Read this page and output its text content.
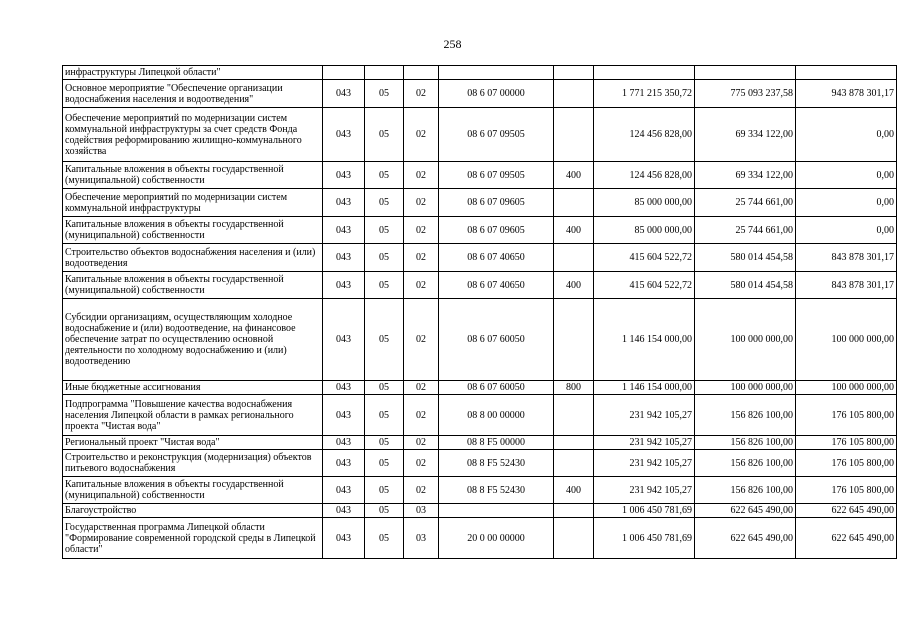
258
инфраструктуры Липецкой области"								
Основное мероприятие "Обеспечение организации водоснабжения населения и водоотведения"	043	05	02	08 6 07 00000		1 771 215 350,72	775 093 237,58	943 878 301,17
Обеспечение мероприятий по модернизации систем коммунальной инфраструктуры за счет средств Фонда содействия реформированию жилищно-коммунального хозяйства	043	05	02	08 6 07 09505		124 456 828,00	69 334 122,00	0,00
Капитальные вложения в объекты государственной (муниципальной) собственности	043	05	02	08 6 07 09505	400	124 456 828,00	69 334 122,00	0,00
Обеспечение мероприятий по модернизации систем коммунальной инфраструктуры	043	05	02	08 6 07 09605		85 000 000,00	25 744 661,00	0,00
Капитальные вложения в объекты государственной (муниципальной) собственности	043	05	02	08 6 07 09605	400	85 000 000,00	25 744 661,00	0,00
Строительство объектов водоснабжения населения и (или) водоотведения	043	05	02	08 6 07 40650		415 604 522,72	580 014 454,58	843 878 301,17
Капитальные вложения в объекты государственной (муниципальной) собственности	043	05	02	08 6 07 40650	400	415 604 522,72	580 014 454,58	843 878 301,17
Субсидии организациям, осуществляющим холодное водоснабжение и (или) водоотведение, на финансовое обеспечение затрат по осуществлению основной деятельности по холодному водоснабжению и (или) водоотведению	043	05	02	08 6 07 60050		1 146 154 000,00	100 000 000,00	100 000 000,00
Иные бюджетные ассигнования	043	05	02	08 6 07 60050	800	1 146 154 000,00	100 000 000,00	100 000 000,00
Подпрограмма "Повышение качества водоснабжения населения Липецкой области в рамках регионального проекта "Чистая вода"	043	05	02	08 8 00 00000		231 942 105,27	156 826 100,00	176 105 800,00
Региональный проект "Чистая вода"	043	05	02	08 8 F5 00000		231 942 105,27	156 826 100,00	176 105 800,00
Строительство и реконструкция (модернизация) объектов питьевого водоснабжения	043	05	02	08 8 F5 52430		231 942 105,27	156 826 100,00	176 105 800,00
Капитальные вложения в объекты государственной (муниципальной) собственности	043	05	02	08 8 F5 52430	400	231 942 105,27	156 826 100,00	176 105 800,00
Благоустройство	043	05	03			1 006 450 781,69	622 645 490,00	622 645 490,00
Государственная программа Липецкой области "Формирование современной городской среды в Липецкой области"	043	05	03	20 0 00 00000		1 006 450 781,69	622 645 490,00	622 645 490,00
